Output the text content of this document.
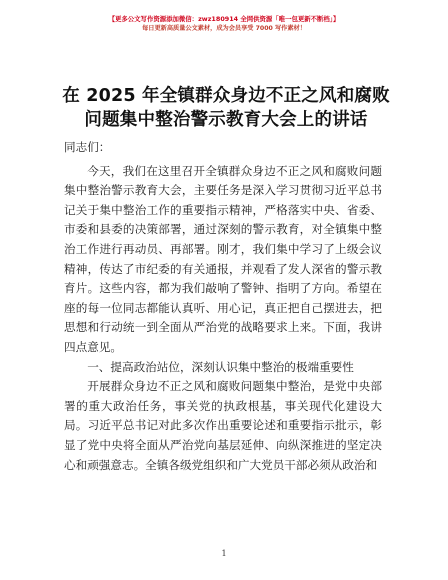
【更多公文写作资源添加微信：zwz180914 全网供资源「唯一包更新不断档」】
每日更新高质量公文素材，成为会员享受 7000 写作素材！
在 2025 年全镇群众身边不正之风和腐败问题集中整治警示教育大会上的讲话

同志们：

今天，我们在这里召开全镇群众身边不正之风和腐败问题集中整治警示教育大会，主要任务是深入学习贯彻习近平总书记关于集中整治工作的重要指示精神，严格落实中央、省委、市委和县委的决策部署，通过深刻的警示教育，对全镇集中整治工作进行再动员、再部署。刚才，我们集中学习了上级会议精神，传达了市纪委的有关通报，并观看了发人深省的警示教育片。这些内容，都为我们敲响了警钟、指明了方向。希望在座的每一位同志都能认真听、用心记，真正把自己摆进去，把思想和行动统一到全面从严治党的战略要求上来。下面，我讲四点意见。

一、提高政治站位，深刻认识集中整治的极端重要性

开展群众身边不正之风和腐败问题集中整治，是党中央部署的重大政治任务，事关党的执政根基，事关现代化建设大局。习近平总书记对此多次作出重要论述和重要指示批示，彰显了党中央将全面从严治党向基层延伸、向纵深推进的坚定决心和顽强意志。全镇各级党组织和广大党员干部必须从政治和

1
